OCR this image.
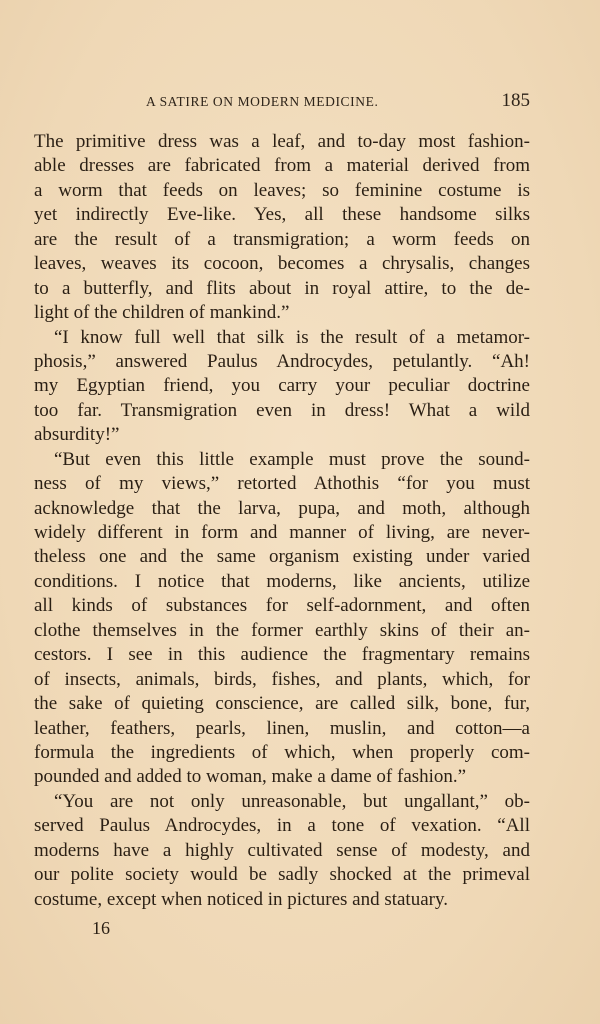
A SATIRE ON MODERN MEDICINE.	185
The primitive dress was a leaf, and to-day most fashion-
able dresses are fabricated from a material derived from
a worm that feeds on leaves; so feminine costume is
yet indirectly Eve-like. Yes, all these handsome silks
are the result of a transmigration; a worm feeds on
leaves, weaves its cocoon, becomes a chrysalis, changes
to a butterfly, and flits about in royal attire, to the de-
light of the children of mankind.”
“I know full well that silk is the result of a metamor-
phosis,” answered Paulus Androcydes, petulantly. “Ah!
my Egyptian friend, you carry your peculiar doctrine
too far. Transmigration even in dress! What a wild
absurdity!”
“But even this little example must prove the sound-
ness of my views,” retorted Athothis “for you must
acknowledge that the larva, pupa, and moth, although
widely different in form and manner of living, are never-
theless one and the same organism existing under varied
conditions. I notice that moderns, like ancients, utilize
all kinds of substances for self-adornment, and often
clothe themselves in the former earthly skins of their an-
cestors. I see in this audience the fragmentary remains
of insects, animals, birds, fishes, and plants, which, for
the sake of quieting conscience, are called silk, bone, fur,
leather, feathers, pearls, linen, muslin, and cotton—a
formula the ingredients of which, when properly com-
pounded and added to woman, make a dame of fashion.”
“You are not only unreasonable, but ungallant,” ob-
served Paulus Androcydes, in a tone of vexation. “All
moderns have a highly cultivated sense of modesty, and
our polite society would be sadly shocked at the primeval
costume, except when noticed in pictures and statuary.
16
